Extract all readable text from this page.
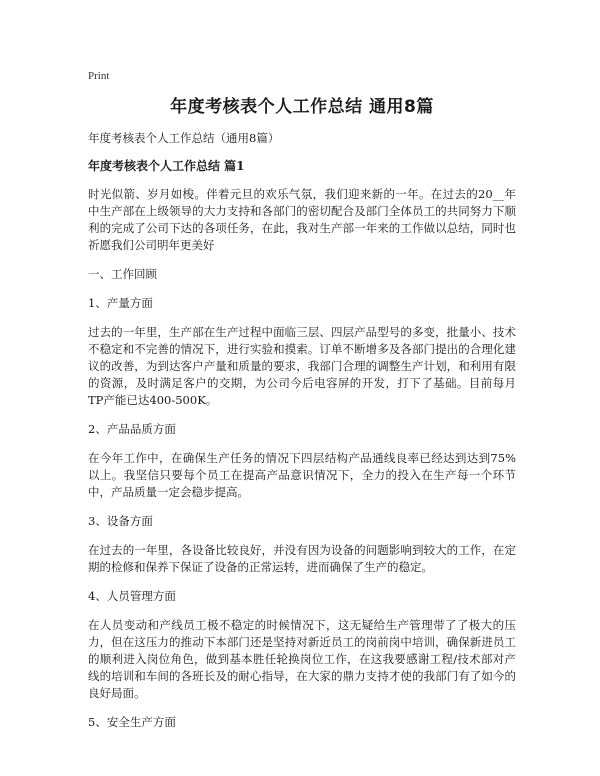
Print
年度考核表个人工作总结 通用8篇

年度考核表个人工作总结（通用8篇）

年度考核表个人工作总结 篇1

时光似箭、岁月如梭。伴着元旦的欢乐气氛，我们迎来新的一年。在过去的20__年中生产部在上级领导的大力支持和各部门的密切配合及部门全体员工的共同努力下顺利的完成了公司下达的各项任务，在此，我对生产部一年来的工作做以总结，同时也祈愿我们公司明年更美好

一、工作回顾

1、产量方面

过去的一年里，生产部在生产过程中面临三层、四层产品型号的多变，批量小、技术不稳定和不完善的情况下，进行实验和摸索。订单不断增多及各部门提出的合理化建议的改善，为到达客户产量和质量的要求，我部门合理的调整生产计划，和利用有限的资源，及时满足客户的交期，为公司今后电容屏的开发，打下了基础。目前每月TP产能已达400-500K。

2、产品品质方面

在今年工作中，在确保生产任务的情况下四层结构产品通线良率已经达到达到75%以上。我坚信只要每个员工在提高产品意识情况下，全力的投入在生产每一个环节中，产品质量一定会稳步提高。

3、设备方面

在过去的一年里，各设备比较良好，并没有因为设备的问题影响到较大的工作，在定期的检修和保养下保证了设备的正常运转，进而确保了生产的稳定。

4、人员管理方面

在人员变动和产线员工极不稳定的时候情况下，这无疑给生产管理带了了极大的压力，但在这压力的推动下本部门还是坚持对新近员工的岗前岗中培训，确保新进员工的顺利进入岗位角色，做到基本胜任轮换岗位工作，在这我要感谢工程/技术部对产线的培训和车间的各班长及的耐心指导，在大家的鼎力支持才使的我部门有了如今的良好局面。

5、安全生产方面
